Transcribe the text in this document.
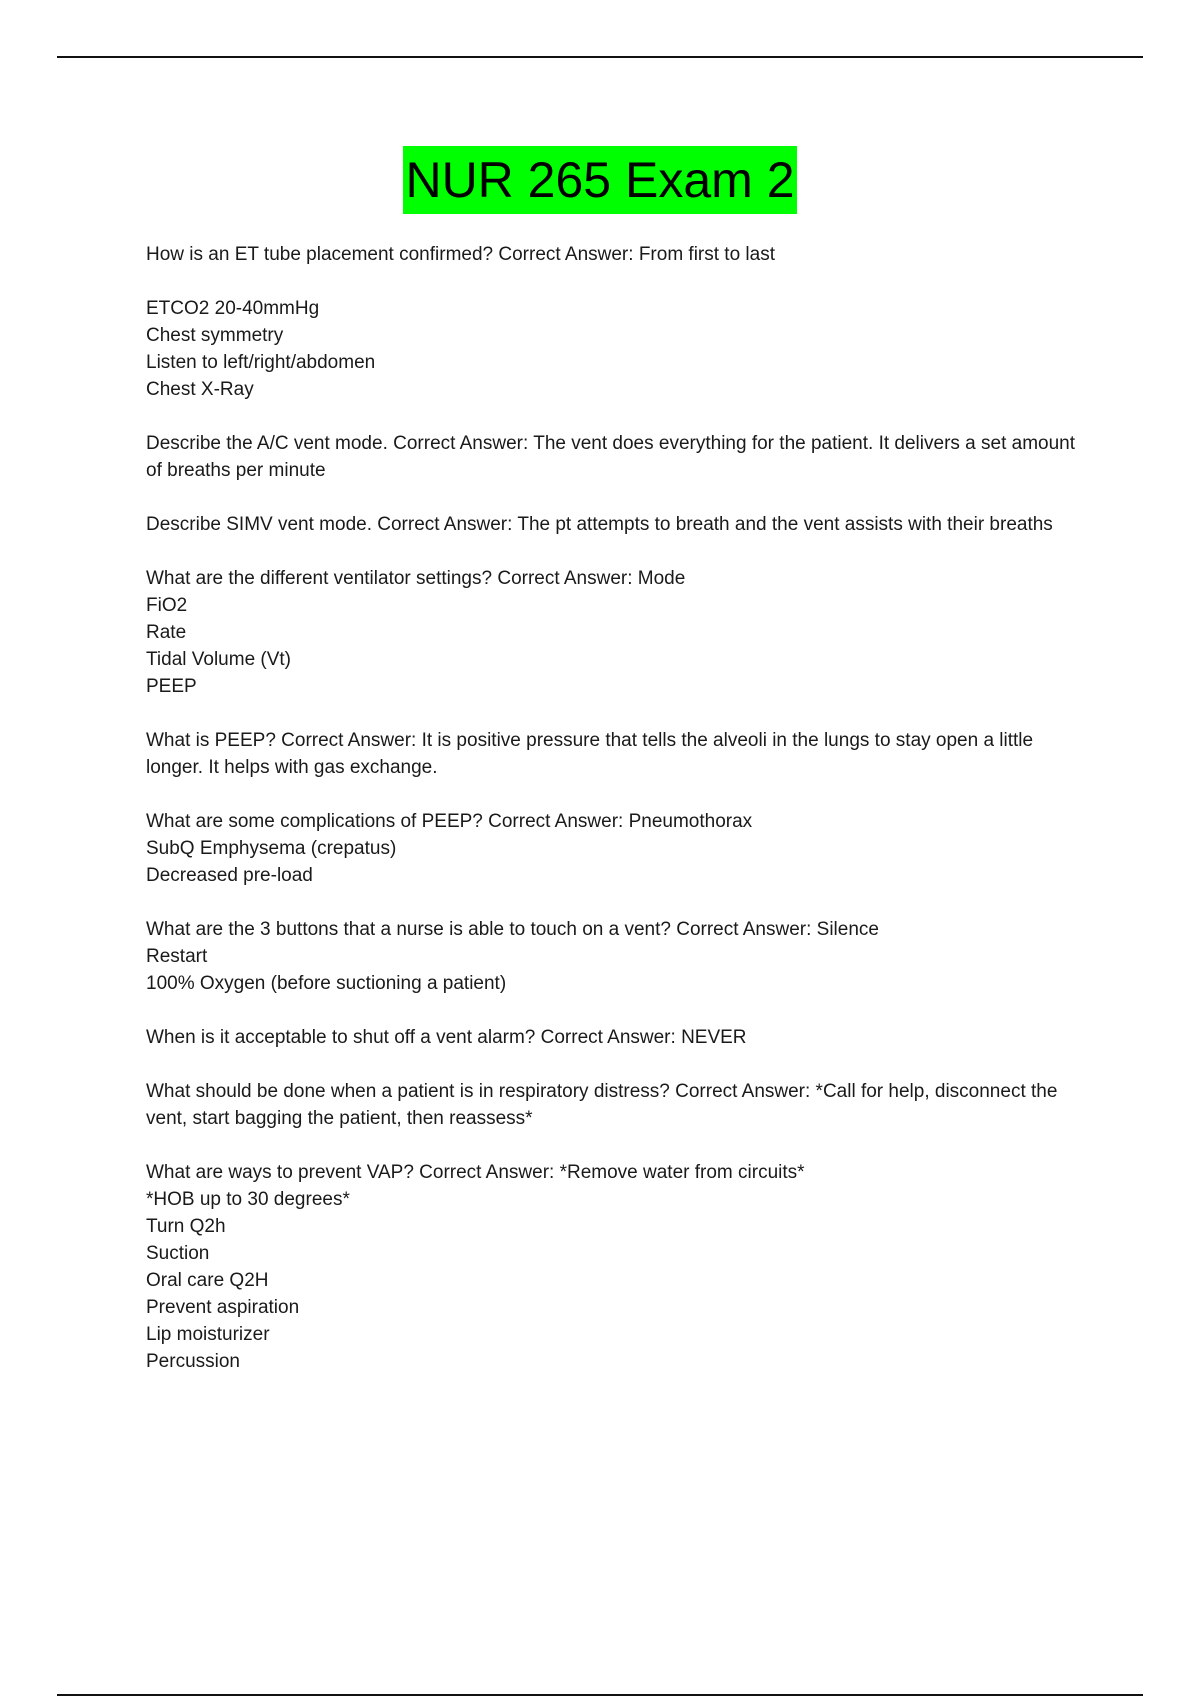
NUR 265 Exam 2

How is an ET tube placement confirmed? Correct Answer: From first to last

ETCO2 20-40mmHg

Chest symmetry

Listen to left/right/abdomen

Chest X-Ray

Describe the A/C vent mode. Correct Answer: The vent does everything for the patient. It delivers a set amount of breaths per minute

Describe SIMV vent mode. Correct Answer: The pt attempts to breath and the vent assists with their breaths

What are the different ventilator settings? Correct Answer: Mode

FiO2

Rate

Tidal Volume (Vt)

PEEP

What is PEEP? Correct Answer: It is positive pressure that tells the alveoli in the lungs to stay open a little longer. It helps with gas exchange.

What are some complications of PEEP? Correct Answer: Pneumothorax

SubQ Emphysema (crepatus)

Decreased pre-load

What are the 3 buttons that a nurse is able to touch on a vent? Correct Answer: Silence

Restart

100% Oxygen (before suctioning a patient)

When is it acceptable to shut off a vent alarm? Correct Answer: NEVER

What should be done when a patient is in respiratory distress? Correct Answer: *Call for help, disconnect the vent, start bagging the patient, then reassess*

What are ways to prevent VAP? Correct Answer: *Remove water from circuits*

*HOB up to 30 degrees*

Turn Q2h

Suction

Oral care Q2H

Prevent aspiration

Lip moisturizer

Percussion
